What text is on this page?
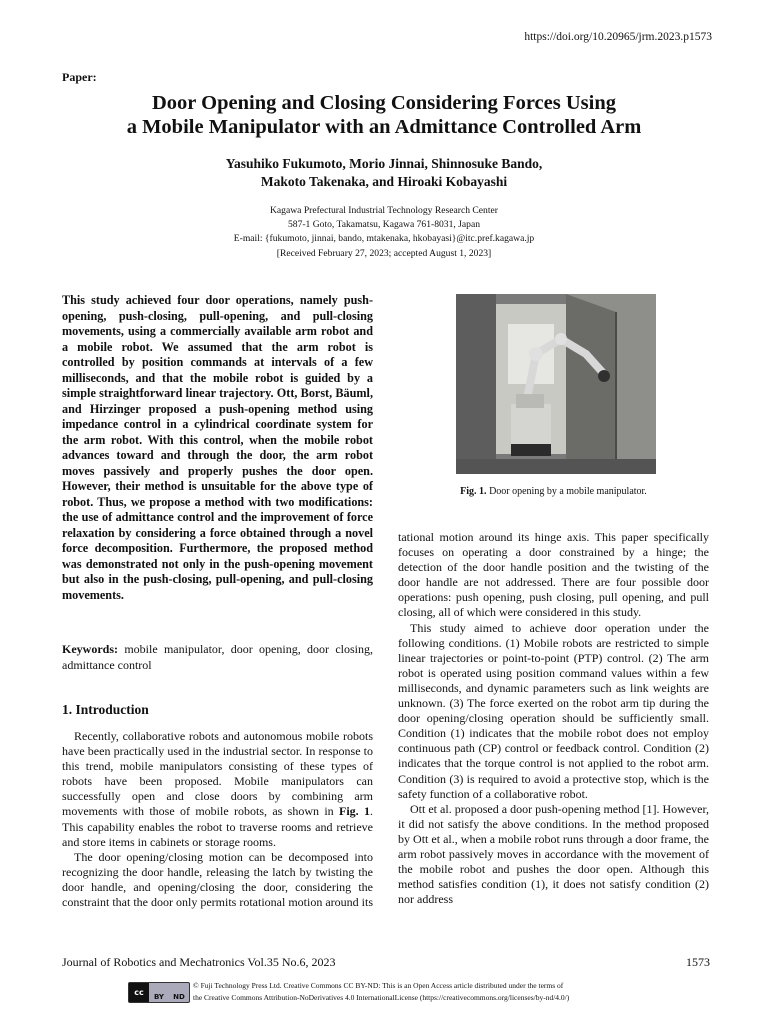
https://doi.org/10.20965/jrm.2023.p1573
Paper:
Door Opening and Closing Considering Forces Using
a Mobile Manipulator with an Admittance Controlled Arm
Yasuhiko Fukumoto, Morio Jinnai, Shinnosuke Bando,
Makoto Takenaka, and Hiroaki Kobayashi
Kagawa Prefectural Industrial Technology Research Center
587-1 Goto, Takamatsu, Kagawa 761-8031, Japan
E-mail: {fukumoto, jinnai, bando, mtakenaka, hkobayasi}@itc.pref.kagawa.jp
[Received February 27, 2023; accepted August 1, 2023]
This study achieved four door operations, namely push-opening, push-closing, pull-opening, and pull-closing movements, using a commercially available arm robot and a mobile robot. We assumed that the arm robot is controlled by position commands at intervals of a few milliseconds, and that the mobile robot is guided by a simple straightforward linear trajectory. Ott, Borst, Bäuml, and Hirzinger proposed a push-opening method using impedance control in a cylindrical coordinate system for the arm robot. With this control, when the mobile robot advances toward and through the door, the arm robot moves passively and properly pushes the door open. However, their method is unsuitable for the above type of robot. Thus, we propose a method with two modifications: the use of admittance control and the improvement of force relaxation by considering a force obtained through a novel force decomposition. Furthermore, the proposed method was demonstrated not only in the push-opening movement but also in the push-closing, pull-opening, and pull-closing movements.
Keywords: mobile manipulator, door opening, door closing, admittance control
1. Introduction

Recently, collaborative robots and autonomous mobile robots have been practically used in the industrial sector. In response to this trend, mobile manipulators consisting of these types of robots have been proposed. Mobile manipulators can successfully open and close doors by combining arm movements with those of mobile robots, as shown in Fig. 1. This capability enables the robot to traverse rooms and retrieve and store items in cabinets or storage rooms.

The door opening/closing motion can be decomposed into recognizing the door handle, releasing the latch by twisting the door handle, and opening/closing the door, considering the constraint that the door only permits rotational motion around its

tational motion around its hinge axis. This paper specifically focuses on operating a door constrained by a hinge; the detection of the door handle position and the twisting of the door handle are not addressed. There are four possible door operations: push opening, push closing, pull opening, and pull closing, all of which were considered in this study.

This study aimed to achieve door operation under the following conditions. (1) Mobile robots are restricted to simple linear trajectories or point-to-point (PTP) control. (2) The arm robot is operated using position command values within a few milliseconds, and dynamic parameters such as link weights are unknown. (3) The force exerted on the robot arm tip during the door opening/closing operation should be sufficiently small. Condition (1) indicates that the mobile robot does not employ continuous path (CP) control or feedback control. Condition (2) indicates that the torque control is not applied to the robot arm. Condition (3) is required to avoid a protective stop, which is the safety function of a collaborative robot.

Ott et al. proposed a door push-opening method [1]. However, it did not satisfy the above conditions. In the method proposed by Ott et al., when a mobile robot runs through a door frame, the arm robot passively moves in accordance with the movement of the mobile robot and pushes the door open. Although this method satisfies condition (1), it does not satisfy condition (2) nor address

Fig. 1. Door opening by a mobile manipulator.
Journal of Robotics and Mechatronics Vol.35 No.6, 2023	1573
cc	BY	ND
© Fuji Technology Press Ltd. Creative Commons CC BY-ND: This is an Open Access article distributed under the terms of
the Creative Commons Attribution-NoDerivatives 4.0 InternationalLicense (https://creativecommons.org/licenses/by-nd/4.0/)
